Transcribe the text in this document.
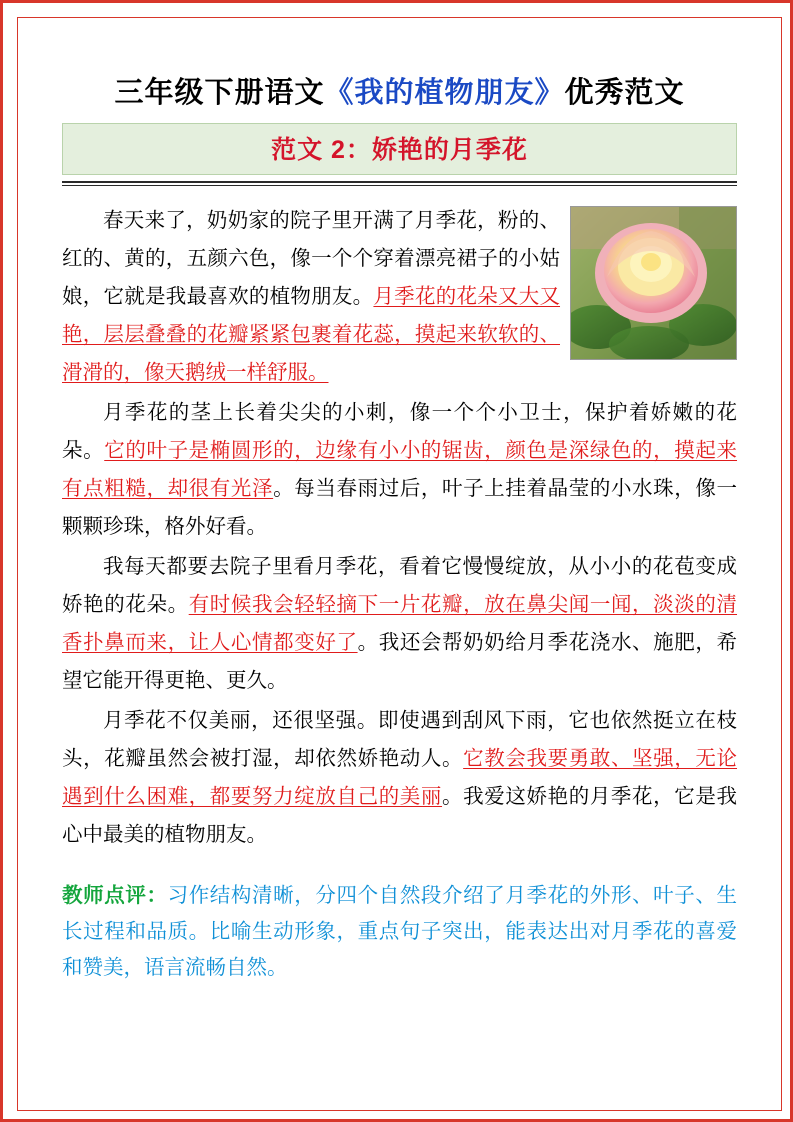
三年级下册语文《我的植物朋友》优秀范文
范文 2：娇艳的月季花

春天来了，奶奶家的院子里开满了月季花，粉的、红的、黄的，五颜六色，像一个个穿着漂亮裙子的小姑娘，它就是我最喜欢的植物朋友。月季花的花朵又大又艳，层层叠叠的花瓣紧紧包裹着花蕊，摸起来软软的、滑滑的，像天鹅绒一样舒服。

月季花的茎上长着尖尖的小刺，像一个个小卫士，保护着娇嫩的花朵。它的叶子是椭圆形的，边缘有小小的锯齿，颜色是深绿色的，摸起来有点粗糙，却很有光泽。每当春雨过后，叶子上挂着晶莹的小水珠，像一颗颗珍珠，格外好看。

我每天都要去院子里看月季花，看着它慢慢绽放，从小小的花苞变成娇艳的花朵。有时候我会轻轻摘下一片花瓣，放在鼻尖闻一闻，淡淡的清香扑鼻而来，让人心情都变好了。我还会帮奶奶给月季花浇水、施肥，希望它能开得更艳、更久。

月季花不仅美丽，还很坚强。即使遇到刮风下雨，它也依然挺立在枝头，花瓣虽然会被打湿，却依然娇艳动人。它教会我要勇敢、坚强，无论遇到什么困难，都要努力绽放自己的美丽。我爱这娇艳的月季花，它是我心中最美的植物朋友。

教师点评：习作结构清晰，分四个自然段介绍了月季花的外形、叶子、生长过程和品质。比喻生动形象，重点句子突出，能表达出对月季花的喜爱和赞美，语言流畅自然。
